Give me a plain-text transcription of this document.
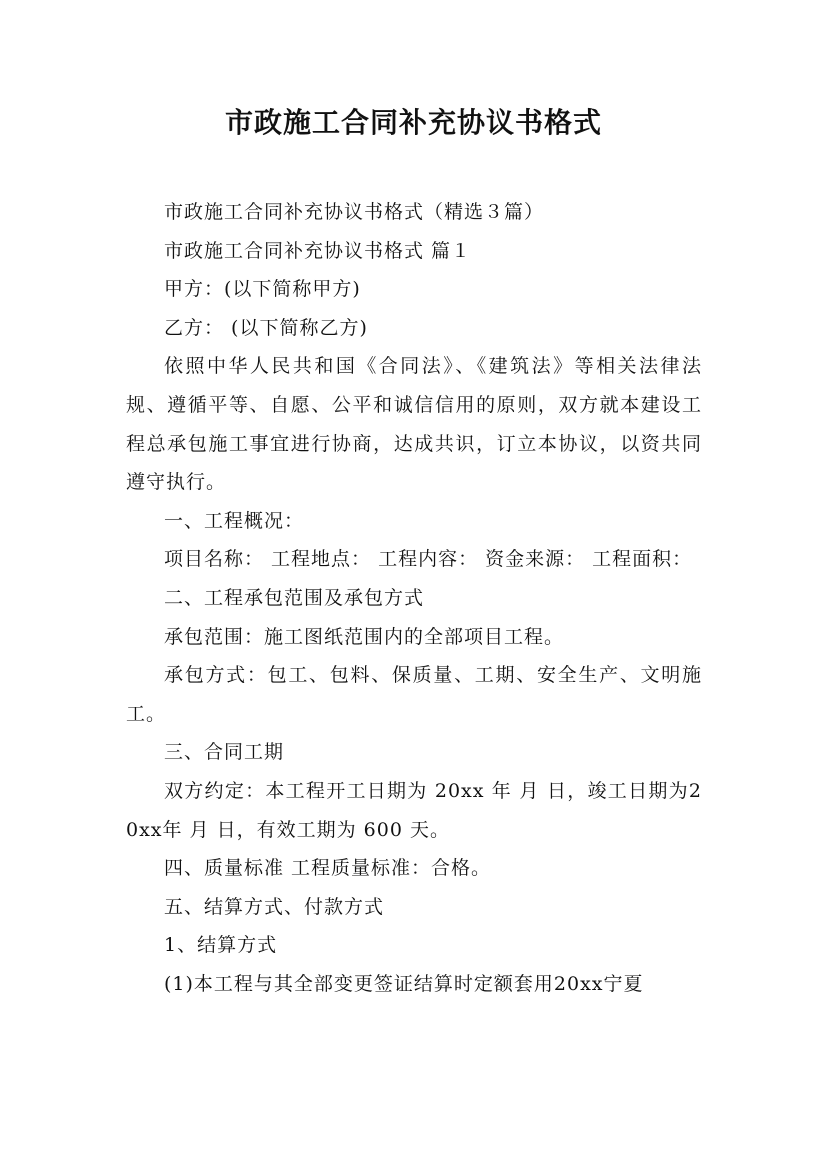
市政施工合同补充协议书格式

市政施工合同补充协议书格式（精选３篇）

市政施工合同补充协议书格式 篇１

甲方：(以下简称甲方)

乙方： (以下简称乙方)

依照中华人民共和国《合同法》、《建筑法》等相关法律法规、遵循平等、自愿、公平和诚信信用的原则，双方就本建设工程总承包施工事宜进行协商，达成共识，订立本协议，以资共同遵守执行。

一、工程概况：

项目名称： 工程地点： 工程内容： 资金来源： 工程面积：

二、工程承包范围及承包方式

承包范围：施工图纸范围内的全部项目工程。

承包方式：包工、包料、保质量、工期、安全生产、文明施工。

三、合同工期

双方约定：本工程开工日期为 20xx 年 月 日，竣工日期为20xx年 月 日，有效工期为 600 天。

四、质量标准 工程质量标准：合格。

五、结算方式、付款方式

1、结算方式

(1)本工程与其全部变更签证结算时定额套用20xx宁夏
